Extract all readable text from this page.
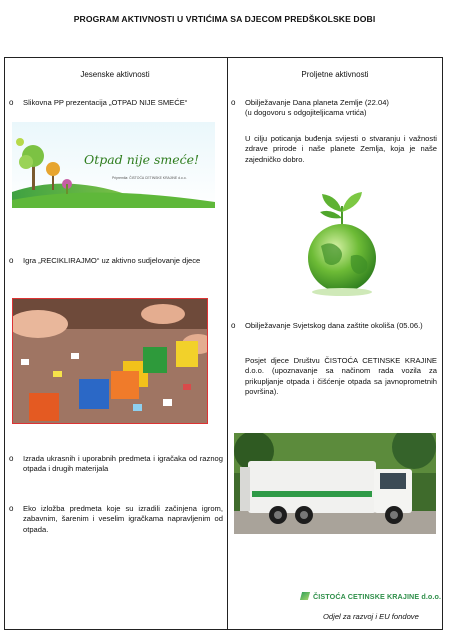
PROGRAM AKTIVNOSTI U VRTIĆIMA SA DJECOM PREDŠKOLSKE DOBI
Jesenske aktivnosti
o Slikovna PP prezentacija „OTPAD NIJE SMEĆE“
Otpad nije smeće!
Pripremila: ČISTOĆA CETINSKE KRAJINE d.o.o.
o Igra „RECIKLIRAJMO“ uz aktivno sudjelovanje djece
o Izrada ukrasnih i uporabnih predmeta i igračaka od raznog otpada i drugih materijala
o Eko izložba predmeta koje su izradili začinjena igrom, zabavnim, šarenim i veselim igračkama napravljenim od otpada.
Proljetne aktivnosti
o Obilježavanje Dana planeta Zemlje (22.04)
(u dogovoru s odgojiteljicama vrtića)
U cilju poticanja buđenja svijesti o stvaranju i važnosti zdrave prirode i naše planete Zemlja, koja je naše zajedničko dobro.
o Obilježavanje Svjetskog dana zaštite okoliša (05.06.)
Posjet djece Društvu ČISTOĆA CETINSKE KRAJINE d.o.o. (upoznavanje sa načinom rada vozila za prikupljanje otpada i čišćenje otpada sa javnoprometnih površina).
ČISTOĆA CETINSKE KRAJINE d.o.o.
Odjel za razvoj i EU fondove
